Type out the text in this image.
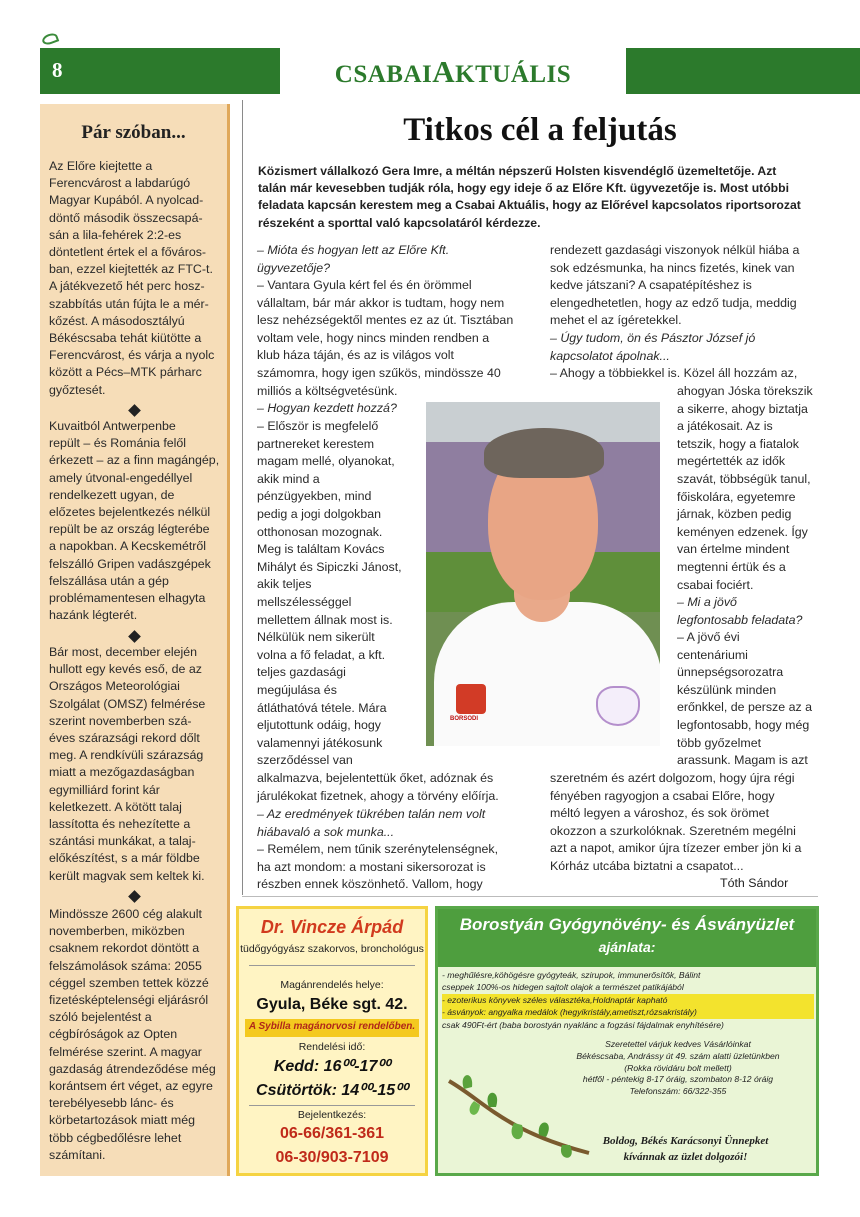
8	CSABAIAKTUÁLIS
Pár szóban...
Az Előre kiejtette a
Ferencvárost a labdarúgó
Magyar Kupából. A nyolcad-
döntő második összecsapá-
sán a lila-fehérek 2:2-es
döntetlent értek el a főváros-
ban, ezzel kiejtették az FTC-t.
A játékvezető hét perc hosz-
szabbítás után fújta le a mér-
kőzést. A másodosztályú
Békéscsaba tehát kiütötte a
Ferencvárost, és várja a nyolc
között a Pécs–MTK párharc
győztesét.
Kuvaitból Antwerpenbe
repült – és Románia felől
érkezett – az a finn magángép,
amely útvonal-engedéllyel
rendelkezett ugyan, de
előzetes bejelentkezés nélkül
repült be az ország légterébe
a napokban. A Kecskemétről
felszálló Gripen vadászgépek
felszállása után a gép
problémamentesen elhagyta
hazánk légterét.
Bár most, december elején
hullott egy kevés eső, de az
Országos Meteorológiai
Szolgálat (OMSZ) felmérése
szerint novemberben szá-
éves szárazsági rekord dőlt
meg. A rendkívüli szárazság
miatt a mezőgazdaságban
egymilliárd forint kár
keletkezett. A kötött talaj
lassította és nehezítette a
szántási munkákat, a talaj-
előkészítést, s a már földbe
került magvak sem keltek ki.
Mindössze 2600 cég alakult
novemberben, miközben
csaknem rekordot döntött a
felszámolások száma: 2055
céggel szemben tettek közzé
fizetésképtelenségi eljárásról
szóló bejelentést a
cégbíróságok az Opten
felmérése szerint. A magyar
gazdaság átrendeződése még
korántsem ért véget, az egyre
terebélyesebb lánc- és
körbetartozások miatt még
több cégbedőlésre lehet
számítani.
Titkos cél a feljutás
Közismert vállalkozó Gera Imre, a méltán népszerű Holsten kisvendéglő üzemeltetője. Azt
talán már kevesebben tudják róla, hogy egy ideje ő az Előre Kft. ügyvezetője is. Most utóbbi
feladata kapcsán kerestem meg a Csabai Aktuális, hogy az Előrével kapcsolatos riportsorozat
részeként a sporttal való kapcsolatáról kérdezze.
– Mióta és hogyan lett az Előre Kft.
ügyvezetője?
– Vantara Gyula kért fel és én örömmel
vállaltam, bár már akkor is tudtam, hogy nem
lesz nehézségektől mentes ez az út. Tisztában
voltam vele, hogy nincs minden rendben a
klub háza táján, és az is világos volt
számomra, hogy igen szűkös, mindössze 40
milliós a költségvetésünk.
– Hogyan kezdett hozzá?
– Először is megfelelő
partnereket kerestem
magam mellé, olyanokat,
akik mind a
pénzügyekben, mind
pedig a jogi dolgokban
otthonosan mozognak.
Meg is találtam Kovács
Mihályt és Sipiczki Jánost,
akik teljes
mellszélességgel
mellettem állnak most is.
Nélkülük nem sikerült
volna a fő feladat, a kft.
teljes gazdasági
megújulása és
átláthatóvá tétele. Mára
eljutottunk odáig, hogy
valamennyi játékosunk
szerződéssel van
alkalmazva, bejelentettük őket, adóznak és
járulékokat fizetnek, ahogy a törvény előírja.
– Az eredmények tükrében talán nem volt
hiábavaló a sok munka...
– Remélem, nem tűnik szerénytelenségnek,
ha azt mondom: a mostani sikersorozat is
részben ennek köszönhető. Vallom, hogy
rendezett gazdasági viszonyok nélkül hiába a
sok edzésmunka, ha nincs fizetés, kinek van
kedve játszani? A csapatépítéshez is
elengedhetetlen, hogy az edző tudja, meddig
mehet el az ígéretekkel.
– Úgy tudom, ön és Pásztor József jó
kapcsolatot ápolnak...
– Ahogy a többiekkel is. Közel áll hozzám az,
ahogyan Jóska törekszik
a sikerre, ahogy biztatja
a játékosait. Az is
tetszik, hogy a fiatalok
megértették az idők
szavát, többségük tanul,
főiskolára, egyetemre
járnak, közben pedig
keményen edzenek. Így
van értelme mindent
megtenni értük és a
csabai fociért.
– Mi a jövő
legfontosabb feladata?
– A jövő évi
centenáriumi
ünnepségsorozatra
készülünk minden
erőnkkel, de persze az a
legfontosabb, hogy még
több győzelmet
arassunk. Magam is azt
szeretném és azért dolgozom, hogy újra régi
fényében ragyogjon a csabai Előre, hogy
méltó legyen a városhoz, és sok örömet
okozzon a szurkolóknak. Szeretném megélni
azt a napot, amikor újra tízezer ember jön ki a
Kórház utcába biztatni a csapatot...
Tóth Sándor
BORSODI
Dr. Vincze Árpád
tüdőgyógyász szakorvos, bronchológus
Magánrendelés helye:
Gyula, Béke sgt. 42.
A Sybilla magánorvosi rendelőben.
Rendelési idő:
Kedd: 16⁰⁰-17⁰⁰
Csütörtök: 14⁰⁰-15⁰⁰
Bejelentkezés:
06-66/361-361
06-30/903-7109
Borostyán Gyógynövény- és Ásványüzlet
ajánlata:
- meghűlésre,köhögésre gyógyteák, szirupok, immunerősítők, Bálint
cseppek 100%-os hidegen sajtolt olajok a természet patikájából
- ezoterikus könyvek széles választéka,Holdnaptár kapható
- ásványok: angyalka medálok (hegyikristály,ametiszt,rózsakristály)
csak 490Ft-ért (baba borostyán nyaklánc a fogzási fájdalmak enyhítésére)
Szeretettel várjuk kedves Vásárlóinkat
Békéscsaba, Andrássy út 49. szám alatti üzletünkben
(Rokka rövidáru bolt mellett)
hétfől - péntekig 8-17 óráig, szombaton 8-12 óráig
Telefonszám: 66/322-355
Boldog, Békés Karácsonyi Ünnepket
kívánnak az üzlet dolgozói!
